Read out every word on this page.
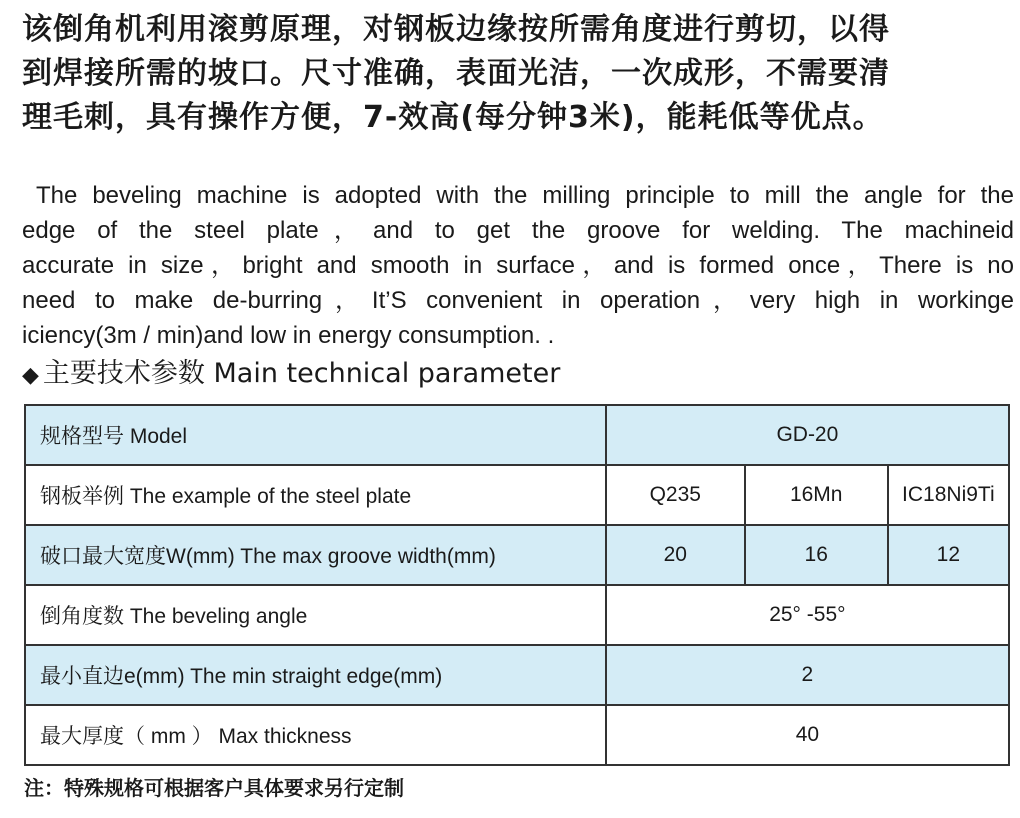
该倒角机利用滚剪原理，对钢板边缘按所需角度进行剪切，以得
到焊接所需的坡口。尺寸准确，表面光洁，一次成形，不需要清
理毛刺，具有操作方便，7-效高(每分钟3米)，能耗低等优点。
The beveling machine is adopted with the milling principle to mill the angle for the
edge of the steel plate，and to get the groove for welding. The machineid
accurate in size，bright and smooth in surface，and is formed once，There is no
need to make de-burring，It’S convenient in operation，very high in workinge
iciency(3m / min)and low in energy consumption. .
◆ 主要技术参数 Main technical parameter
规格型号 Model	GD-20		
钢板举例 The example of the steel plate	Q235	16Mn	IC18Ni9Ti
破口最大宽度W(mm) The max groove width(mm)	20	16	12
倒角度数 The beveling angle	25° -55°		
最小直边e(mm) The min straight edge(mm)	2		
最大厚度（ mm ） Max thickness	40		
注：特殊规格可根据客户具体要求另行定制
